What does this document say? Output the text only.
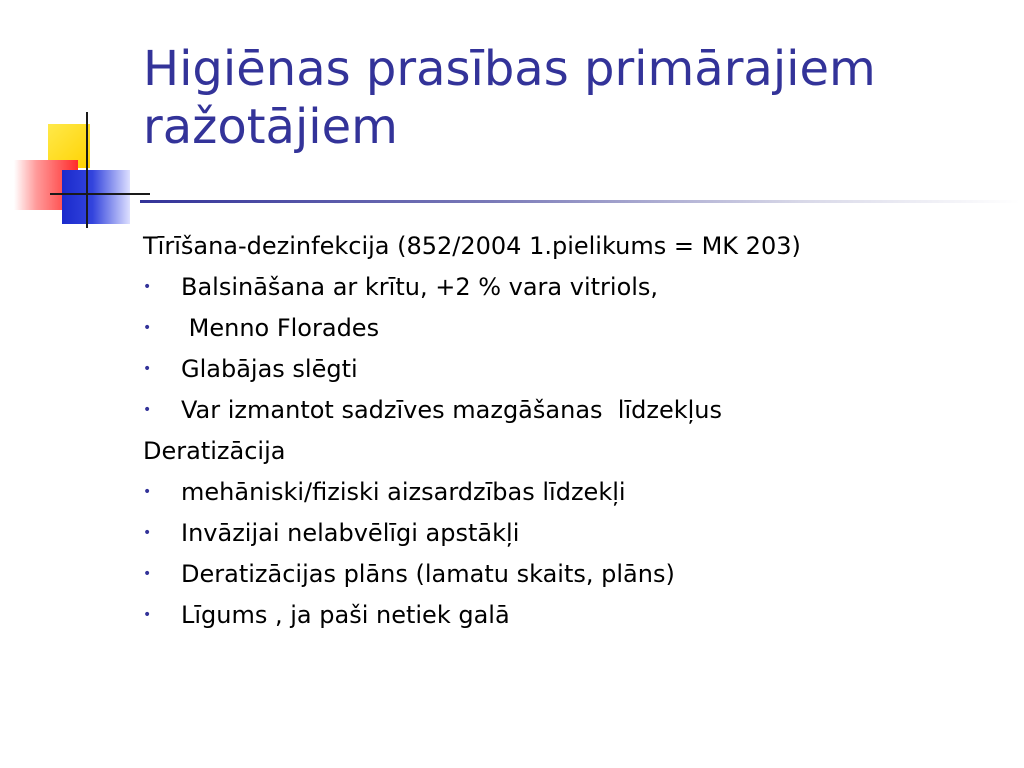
Higiēnas prasības primārajiem ražotājiem
Tīrīšana-dezinfekcija (852/2004 1.pielikums = MK 203)
• Balsināšana ar krītu, +2 % vara vitriols,
• Menno Florades
• Glabājas slēgti
• Var izmantot sadzīves mazgāšanas  līdzekļus
Deratizācija
• mehāniski/fiziski aizsardzības līdzekļi
• Invāzijai nelabvēlīgi apstākļi
• Deratizācijas plāns (lamatu skaits, plāns)
• Līgums , ja paši netiek galā
